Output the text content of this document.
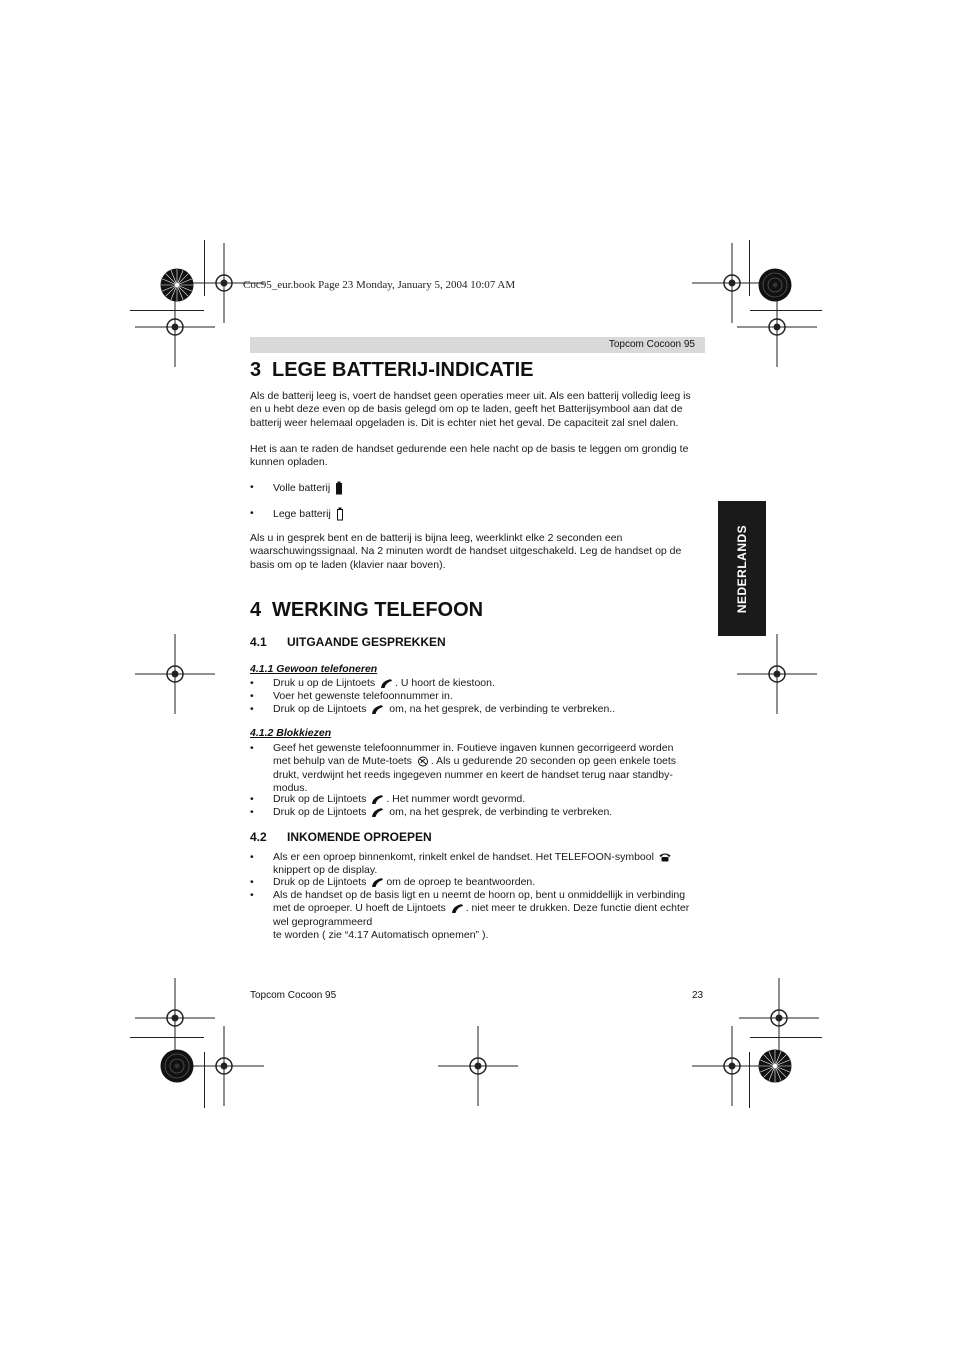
Coc95_eur.book Page 23 Monday, January 5, 2004 10:07 AM
Topcom Cocoon 95
NEDERLANDS
3 LEGE BATTERIJ-INDICATIE

Als de batterij leeg is, voert de handset geen operaties meer uit. Als een batterij volledig leeg is en u hebt deze even op de basis gelegd om op te laden, geeft het Batterijsymbool aan dat de batterij weer helemaal opgeladen is. Dit is echter niet het geval. De capaciteit zal snel dalen.

Het is aan te raden de handset gedurende een hele nacht op de basis te leggen om grondig te kunnen opladen.

• Volle batterij
• Lege batterij

Als u in gesprek bent en de batterij is bijna leeg, weerklinkt elke 2 seconden een waarschuwingssignaal. Na 2 minuten wordt de handset uitgeschakeld. Leg de handset op de basis om op te laden (klavier naar boven).

4 WERKING TELEFOON
4.1 UITGAANDE GESPREKKEN
4.1.1 Gewoon telefoneren
• Druk u op de Lijntoets . U hoort de kiestoon.
• Voer het gewenste telefoonnummer in.
• Druk op de Lijntoets om, na het gesprek, de verbinding te verbreken..
4.1.2 Blokkiezen
• Geef het gewenste telefoonnummer in. Foutieve ingaven kunnen gecorrigeerd worden
met behulp van de Mute-toets . Als u gedurende 20 seconden op geen enkele toets
drukt, verdwijnt het reeds ingegeven nummer en keert de handset terug naar standby-
modus.
• Druk op de Lijntoets . Het nummer wordt gevormd.
• Druk op de Lijntoets om, na het gesprek, de verbinding te verbreken.
4.2 INKOMENDE OPROEPEN
• Als er een oproep binnenkomt, rinkelt enkel de handset. Het TELEFOON-symbool
knippert op de display.
• Druk op de Lijntoets om de oproep te beantwoorden.
• Als de handset op de basis ligt en u neemt de hoorn op, bent u onmiddellijk in verbinding
met de oproeper. U hoeft de Lijntoets . niet meer te drukken. Deze functie dient echter
wel geprogrammeerd
te worden ( zie “4.17 Automatisch opnemen” ).
Topcom Cocoon 95	23
